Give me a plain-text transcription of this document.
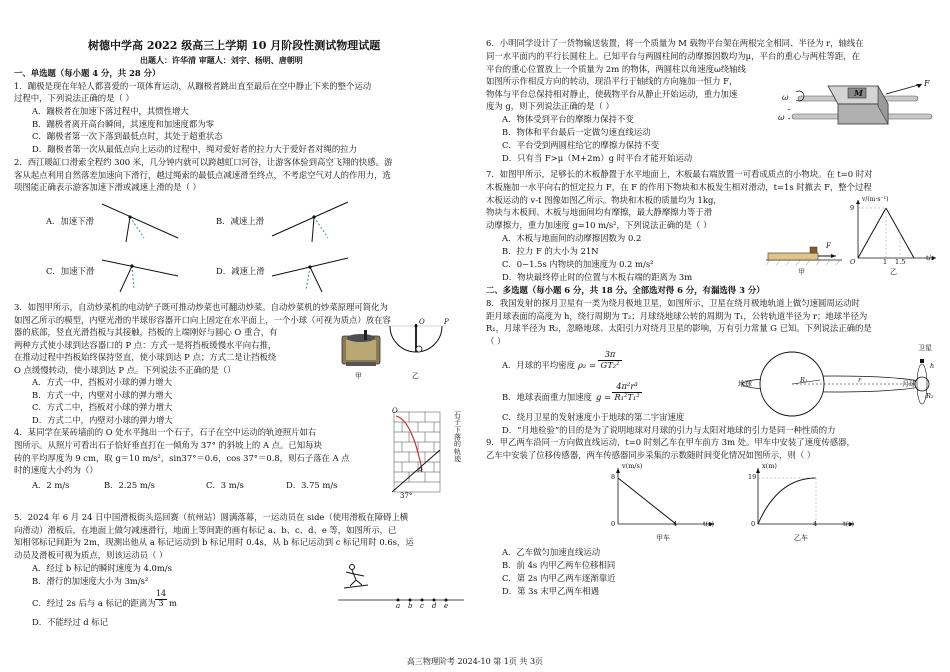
树德中学高 2022 级高三上学期 10 月阶段性测试物理试题
出题人：许华清 审题人：刘宇、杨明、唐朝明
一、单选题（每小题 4 分，共 28 分）
1．蹦极是现在年轻人都喜爱的一项体育运动，从蹦极者跳出直至最后在空中静止下来的整个运动
过程中，下列说法正确的是（ ）
A．蹦极者在加速下落过程中，其惯性增大
B．蹦极者离开高台瞬间，其速度和加速度都为零
C．蹦极者第一次下落到最低点时，其处于超重状态
D．蹦极者第一次从最低点向上运动的过程中，绳对爱好者的拉力大于爱好者对绳的拉力
2．西江暖缸口滑索全程约 300 米，几分钟内就可以跨越虹口河谷，让游客体验到高空飞翔的快感。游
客从起点利用自然落差加速向下滑行，越过绳索的最低点减速滑至终点，不考虑空气对人的作用力，选
项图能正确表示游客加速下滑或减速上滑的是（ ）
A．加速下滑	B．减速上滑
C．加速下滑	D．减速上滑
3．如图甲所示，自动炒菜机的电动铲子既可推动炒菜也可翻动炒菜。自动炒菜机的炒菜原理可简化为
如图乙所示的模型，内壁光滑的半球形容器开口向上固定在水平面上，一个小球（可视为质点）放在容
器的底部，竖直光滑挡板与其接触，挡板的上端刚好与圆心 O 重合，有
两种方式使小球到达容器口的 P 点：方式一是将挡板缓慢水平向右推，
在推动过程中挡板始终保持竖直，使小球到达 P 点；方式二是让挡板绕
O 点缓慢转动，使小球到达 P 点。下列说法不正确的是（）
A．方式一中，挡板对小球的弹力增大
B．方式一中，内壁对小球的弹力增大
C．方式二中，挡板对小球的弹力增大
D．方式二中，内壁对小球的弹力增大
甲
O	P
乙
4．某同学在某砖墙前的 O 处水平抛出一个石子，石子在空中运动的轨迹照片如右
图所示。从照片可看出石子恰好垂直打在一倾角为 37° 的斜坡上的 A 点。已知每块
砖的平均厚度为 9 cm，取 g＝10 m/s²，sin37°＝0.6，cos 37°＝0.8，则石子落在 A 点
时的速度大小约为（）
A．2 m/s	B．2.25 m/s	C．3 m/s	D．3.75 m/s
O
A
37°
石子下落的轨迹
5．2024 年 6 月 24 日中国滑板街头巡回赛（杭州站）圆满落幕，一运动员在 side（使用滑板在障碍上横
向滑动）滑板后，在地面上做匀减速滑行，地面上等间距的画有标记 a、b、c、d、e 等，如图所示，已
知相邻标记间距为 2m，现测出他从 a 标记运动到 b 标记用时 0.4s，从 b 标记运动到 c 标记用时 0.6s，运
动员及滑板可视为质点，则该运动员（ ）
A．经过 b 标记的瞬时速度为 4.0m/s
B．滑行的加速度大小为 3m/s²
C．经过 2s 后与 a 标记的距离为 $\frac{14}{3}$ m
D．不能经过 d 标记
a b c d e
6．小明同学设计了一货物输送装置，将一个质量为 M 载物平台架在两根完全相同、半径为 r，轴线在
同一水平面内的平行长圆柱上。已知平台与两圆柱间的动摩擦因数均为μ，平台的重心与两柱等距，在
平台的重心位置放上一个质量为 2m 的物体，两圆柱以角速度ω绕轴线
如图所示作相反方向的转动，现沿平行于轴线的方向施加一恒力 F，
物体与平台总保持相对静止，使载物平台从静止开始运动，重力加速
度为 g，则下列说法正确的是（ ）
A．物体受到平台的摩擦力保持不变
B．物体和平台最后一定做匀速直线运动
C．平台受到两圆柱给它的摩擦力保持不变
D．只有当 F>μ（M+2m）g 时平台才能开始运动
M
F
ω
ω
7．如图甲所示，足够长的木板静置于水平地面上，木板最右端放置一可看成质点的小物块。在 t=0 时对
木板施加一水平向右的恒定拉力 F，在 F 的作用下物块和木板发生相对滑动，t=1s 时撤去 F，整个过程
木板运动的 v-t 图像如图乙所示。物块和木板的质量均为 1kg，
物块与木板间、木板与地面间均有摩擦，最大静摩擦力等于滑
动摩擦力，重力加速度 g=10 m/s²，下列说法正确的是（ ）
A．木板与地面间的动摩擦因数为 0.2
B．拉力 F 的大小为 21N
C．0~1.5s 内物块的加速度为 0.2 m/s²
D．物块最终停止时的位置与木板右端的距离为 3m
F
甲
v/(m·s⁻¹)
9
O	1 1.5	t/s
乙
二、多选题（每小题 6 分，共 18 分。全部选对得 6 分，有漏选得 3 分）
8．我国发射的探月卫星有一类为绕月极地卫星，如图所示，卫星在绕月极地轨道上做匀速圆周运动时
距月球表面的高度为 h，绕行周期为 T₂；月球绕地球公转的周期为 T₁，公转轨道半径为 r；地球半径为
R₁，月球半径为 R₂，忽略地球、太阳引力对绕月卫星的影响，万有引力常量 G 已知。下列说法正确的是
（ ）
A．月球的平均密度 $\rho_2 = \frac{3\pi}{\text{GT₂²}}$
B．地球表面重力加速度 $g = \frac{\text{4π²r³}}{\text{R₁²T₁²}}$
C．绕月卫星的发射速度小于地球的第二宇宙速度
D．“月地检验”的目的是为了说明地球对月球的引力与太阳对地球的引力是同一种性质的力
地球	月球
卫星
R₁
R₂
h
r
9．甲乙两车沿同一方向做直线运动，t=0 时刻乙车在甲车前方 3m 处。甲车中安装了速度传感器，
乙车中安装了位移传感器，两车传感器同步采集的示数随时间变化情况如图所示，则（ ）
v(m/s)
8
0	4	t(s)
甲车
x(m)
19
0	4	t(s)
乙车
A．乙车做匀加速直线运动
B．前 4s 内甲乙两车位移相同
C．第 2s 内甲乙两车逐渐靠近
D．第 3s 末甲乙两车相遇
高三物理阶考 2024-10 第 1页 共 3页
